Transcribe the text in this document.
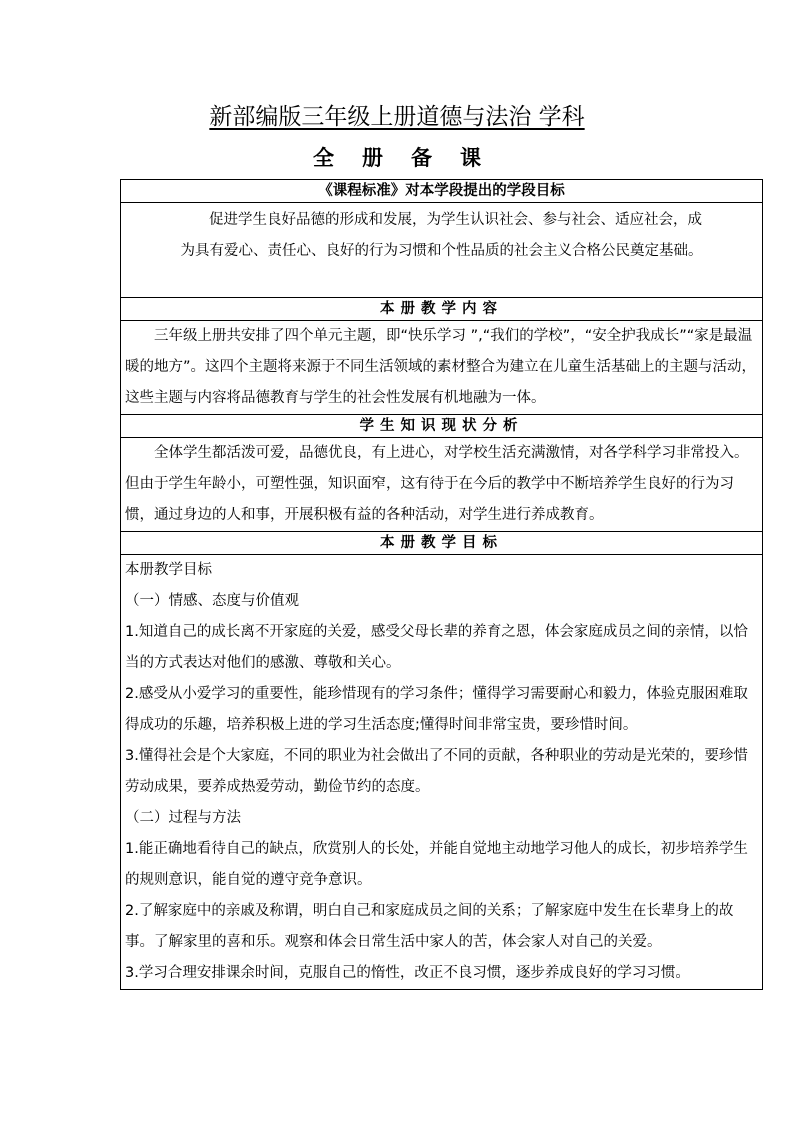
新部编版三年级上册道德与法治 学科
全册备课
《课程标准》对本学段提出的学段目标

促进学生良好品德的形成和发展，为学生认识社会、参与社会、适应社会，成

为具有爱心、责任心、良好的行为习惯和个性品质的社会主义合格公民奠定基础。

本册教学内容

三年级上册共安排了四个单元主题，即“快乐学习 ”,“我们的学校”，“安全护我成长”“家是最温暖的地方”。这四个主题将来源于不同生活领域的素材整合为建立在儿童生活基础上的主题与活动，这些主题与内容将品德教育与学生的社会性发展有机地融为一体。

学生知识现状分析

全体学生都活泼可爱，品德优良，有上进心，对学校生活充满激情，对各学科学习非常投入。但由于学生年龄小，可塑性强，知识面窄，这有待于在今后的教学中不断培养学生良好的行为习惯，通过身边的人和事，开展积极有益的各种活动，对学生进行养成教育。

本册教学目标

本册教学目标

（一）情感、态度与价值观

1.知道自己的成长离不开家庭的关爱，感受父母长辈的养育之恩，体会家庭成员之间的亲情，以恰当的方式表达对他们的感激、尊敬和关心。

2.感受从小爱学习的重要性，能珍惜现有的学习条件；懂得学习需要耐心和毅力，体验克服困难取得成功的乐趣，培养积极上进的学习生活态度;懂得时间非常宝贵，要珍惜时间。

3.懂得社会是个大家庭，不同的职业为社会做出了不同的贡献，各种职业的劳动是光荣的，要珍惜劳动成果，要养成热爱劳动，勤俭节约的态度。

（二）过程与方法

1.能正确地看待自己的缺点，欣赏别人的长处，并能自觉地主动地学习他人的成长，初步培养学生的规则意识，能自觉的遵守竞争意识。

2.了解家庭中的亲戚及称谓，明白自己和家庭成员之间的关系；了解家庭中发生在长辈身上的故事。了解家里的喜和乐。观察和体会日常生活中家人的苦，体会家人对自己的关爱。

3.学习合理安排课余时间，克服自己的惰性，改正不良习惯，逐步养成良好的学习习惯。
